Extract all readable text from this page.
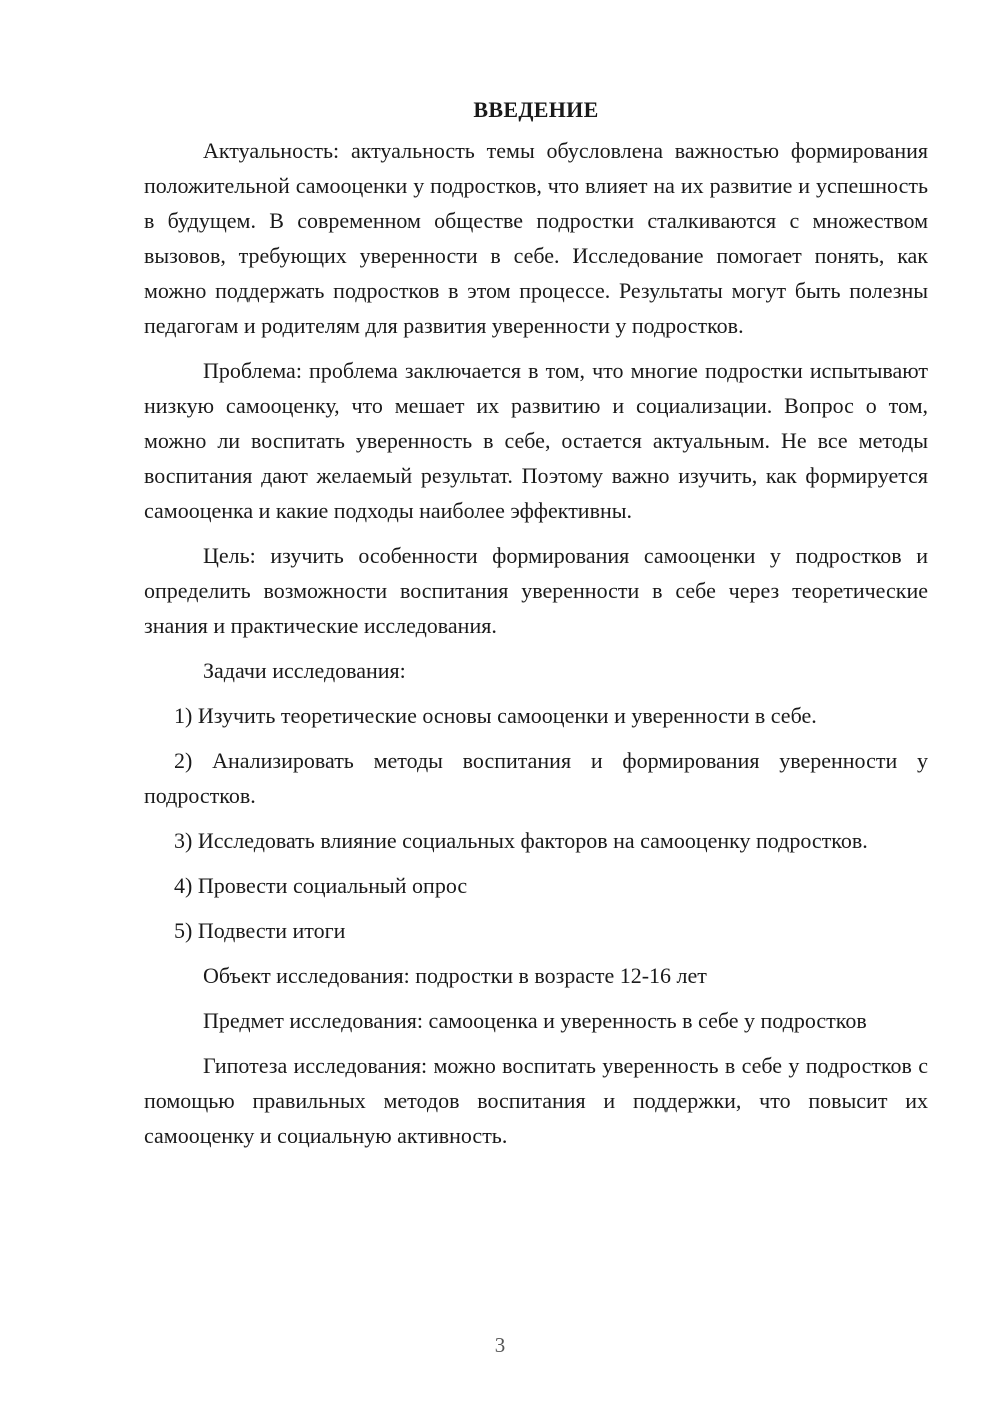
ВВЕДЕНИЕ

Актуальность: актуальность темы обусловлена важностью формирования положительной самооценки у подростков, что влияет на их развитие и успешность в будущем. В современном обществе подростки сталкиваются с множеством вызовов, требующих уверенности в себе. Исследование помогает понять, как можно поддержать подростков в этом процессе. Результаты могут быть полезны педагогам и родителям для развития уверенности у подростков.

Проблема: проблема заключается в том, что многие подростки испытывают низкую самооценку, что мешает их развитию и социализации. Вопрос о том, можно ли воспитать уверенность в себе, остается актуальным. Не все методы воспитания дают желаемый результат. Поэтому важно изучить, как формируется самооценка и какие подходы наиболее эффективны.

Цель: изучить особенности формирования самооценки у подростков и определить возможности воспитания уверенности в себе через теоретические знания и практические исследования.

Задачи исследования:

1) Изучить теоретические основы самооценки и уверенности в себе.

2) Анализировать методы воспитания и формирования уверенности у подростков.

3) Исследовать влияние социальных факторов на самооценку подростков.

4) Провести социальный опрос

5) Подвести итоги

Объект исследования: подростки в возрасте 12-16 лет

Предмет исследования: самооценка и уверенность в себе у подростков

Гипотеза исследования: можно воспитать уверенность в себе у подростков с помощью правильных методов воспитания и поддержки, что повысит их самооценку и социальную активность.

3
